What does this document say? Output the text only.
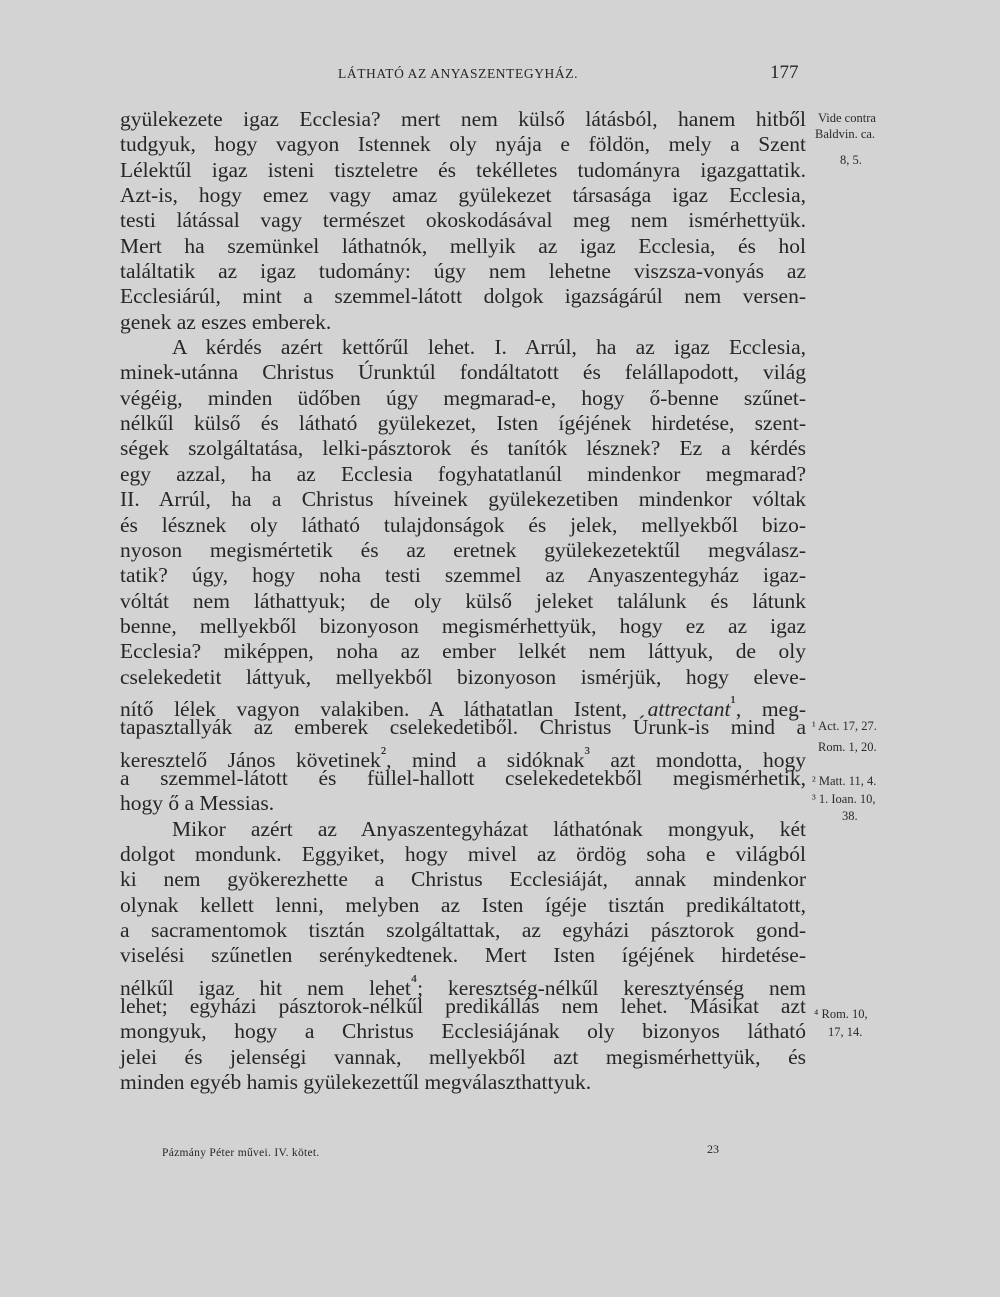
LÁTHATÓ AZ ANYASZENTEGYHÁZ.	177
gyülekezete igaz Ecclesia? mert nem külső látásból, hanem hitből
tudgyuk, hogy vagyon Istennek oly nyája e földön, mely a Szent
Lélektűl igaz isteni tiszteletre és tekélletes tudományra igazgattatik.
Azt-is, hogy emez vagy amaz gyülekezet társasága igaz Ecclesia,
testi látással vagy természet okoskodásával meg nem ismérhettyük.
Mert ha szemünkel láthatnók, mellyik az igaz Ecclesia, és hol
találtatik az igaz tudomány: úgy nem lehetne viszsza-vonyás az
Ecclesiárúl, mint a szemmel-látott dolgok igazságárúl nem versen-
genek az eszes emberek.
A kérdés azért kettőrűl lehet. I. Arrúl, ha az igaz Ecclesia,
minek-utánna Christus Úrunktúl fondáltatott és felállapodott, világ
végéig, minden üdőben úgy megmarad-e, hogy ő-benne szűnet-
nélkűl külső és látható gyülekezet, Isten ígéjének hirdetése, szent-
ségek szolgáltatása, lelki-pásztorok és tanítók lésznek? Ez a kérdés
egy azzal, ha az Ecclesia fogyhatatlanúl mindenkor megmarad?
II. Arrúl, ha a Christus híveinek gyülekezetiben mindenkor vóltak
és lésznek oly látható tulajdonságok és jelek, mellyekből bizo-
nyoson megismértetik és az eretnek gyülekezetektűl megválasz-
tatik? úgy, hogy noha testi szemmel az Anyaszentegyház igaz-
vóltát nem láthattyuk; de oly külső jeleket találunk és látunk
benne, mellyekből bizonyoson megismérhettyük, hogy ez az igaz
Ecclesia? miképpen, noha az ember lelkét nem láttyuk, de oly
cselekedetit láttyuk, mellyekből bizonyoson ismérjük, hogy eleve-
nítő lélek vagyon valakiben. A láthatatlan Istent, attrectant$^{^1}$, meg-
tapasztallyák az emberek cselekedetiből. Christus Úrunk-is mind a
keresztelő János követinek$^{^2}$, mind a sidóknak$^{^3}$ azt mondotta, hogy
a szemmel-látott és füllel-hallott cselekedetekből megismérhetik,
hogy ő a Messias.
Mikor azért az Anyaszentegyházat láthatónak mongyuk, két
dolgot mondunk. Eggyiket, hogy mivel az ördög soha e világból
ki nem gyökerezhette a Christus Ecclesiáját, annak mindenkor
olynak kellett lenni, melyben az Isten ígéje tisztán predikáltatott,
a sacramentomok tisztán szolgáltattak, az egyházi pásztorok gond-
viselési szűnetlen serénykedtenek. Mert Isten ígéjének hirdetése-
nélkűl igaz hit nem lehet$^{^4}$; keresztség-nélkűl keresztyénség nem
lehet; egyházi pásztorok-nélkűl predikállás nem lehet. Másikat azt
mongyuk, hogy a Christus Ecclesiájának oly bizonyos látható
jelei és jelenségi vannak, mellyekből azt megismérhettyük, és
minden egyéb hamis gyülekezettűl megválaszthattyuk.
Vide contra
Baldvin. ca.
8, 5.
¹ Act. 17, 27.
Rom. 1, 20.
² Matt. 11, 4.
³ 1. Ioan. 10,
38.
⁴ Rom. 10,
17, 14.
Pázmány Péter művei. IV. kötet.	23
